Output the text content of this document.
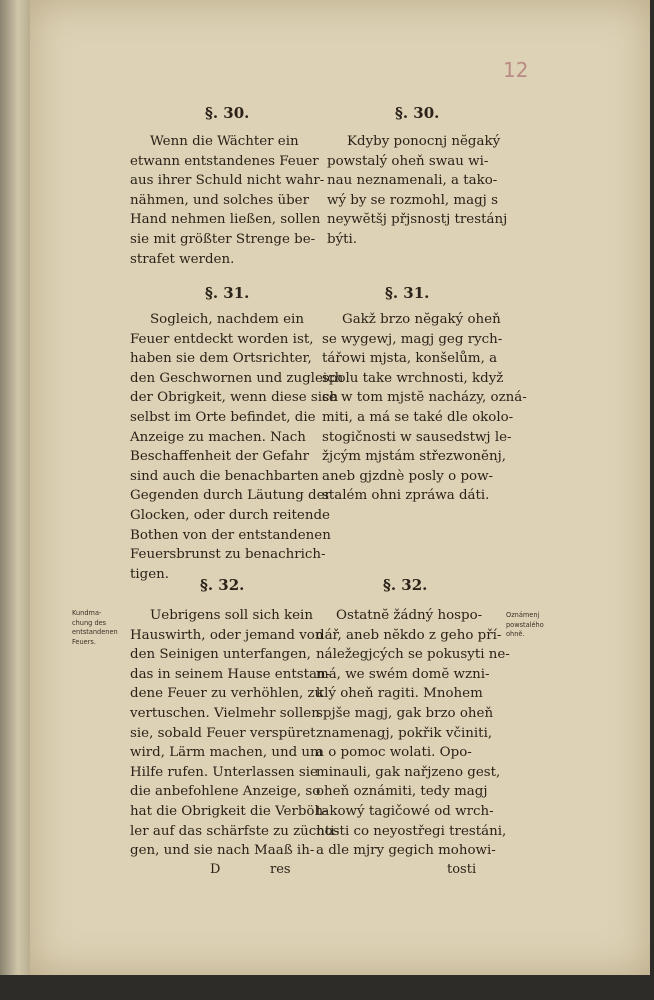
12
§. 30.	§. 30.
Wenn die Wächter ein
etwann entstandenes Feuer
aus ihrer Schuld nicht wahr-
nähmen, und solches über
Hand nehmen ließen, sollen
sie mit größter Strenge be-
strafet werden.
Kdyby ponocnj nĕgaký
powstalý oheň swau wi-
nau neznamenali, a tako-
wý by se rozmohl, magj s
neywĕtšj přjsnostj trestánj
býti.
§. 31.	§. 31.
Sogleich, nachdem ein
Feuer entdeckt worden ist,
haben sie dem Ortsrichter,
den Geschwornen und zugleich
der Obrigkeit, wenn diese sich
selbst im Orte befindet, die
Anzeige zu machen. Nach
Beschaffenheit der Gefahr
sind auch die benachbarten
Gegenden durch Läutung der
Glocken, oder durch reitende
Bothen von der entstandenen
Feuersbrunst zu benachrich-
tigen.
Gakž brzo nĕgaký oheň
se wygewj, magj geg rych-
tářowi mjsta, konšelům, a
spolu take wrchnosti, když
se w tom mjstĕ nacházy, ozná-
miti, a má se také dle okolo-
stogičnosti w sausedstwj le-
žjcým mjstám střezwonĕnj,
aneb gjzdnè posly o pow-
stalém ohni zpráwa dáti.
§. 32.	§. 32.
Kundma-
chung des
entstandenen
Feuers.
Oznámenj
powstalého
ohnĕ.
Uebrigens soll sich kein
Hauswirth, oder jemand von
den Seinigen unterfangen,
das in seinem Hause entstan-
dene Feuer zu verhöhlen, zu
vertuschen. Vielmehr sollen
sie, sobald Feuer verspüret
wird, Lärm machen, und um
Hilfe rufen. Unterlassen sie
die anbefohlene Anzeige, so
hat die Obrigkeit die Verböh-
ler auf das schärfste zu züchti-
gen, und sie nach Maaß ih-
Ostatnĕ žádný hospo-
dář, aneb nĕkdo z geho pří-
náležegjcých se pokusyti ne-
má, we swém domĕ wzni-
klý oheň ragiti. Mnohem
spjše magj, gak brzo oheň
znamenagj, pokřik včiniti,
a o pomoc wolati. Opo-
minauli, gak nařjzeno gest,
oheň oznámiti, tedy magj
takowý tagičowé od wrch-
nosti co neyostřegi trestáni,
a dle mjry gegich mohowi-
D	res	tosti
